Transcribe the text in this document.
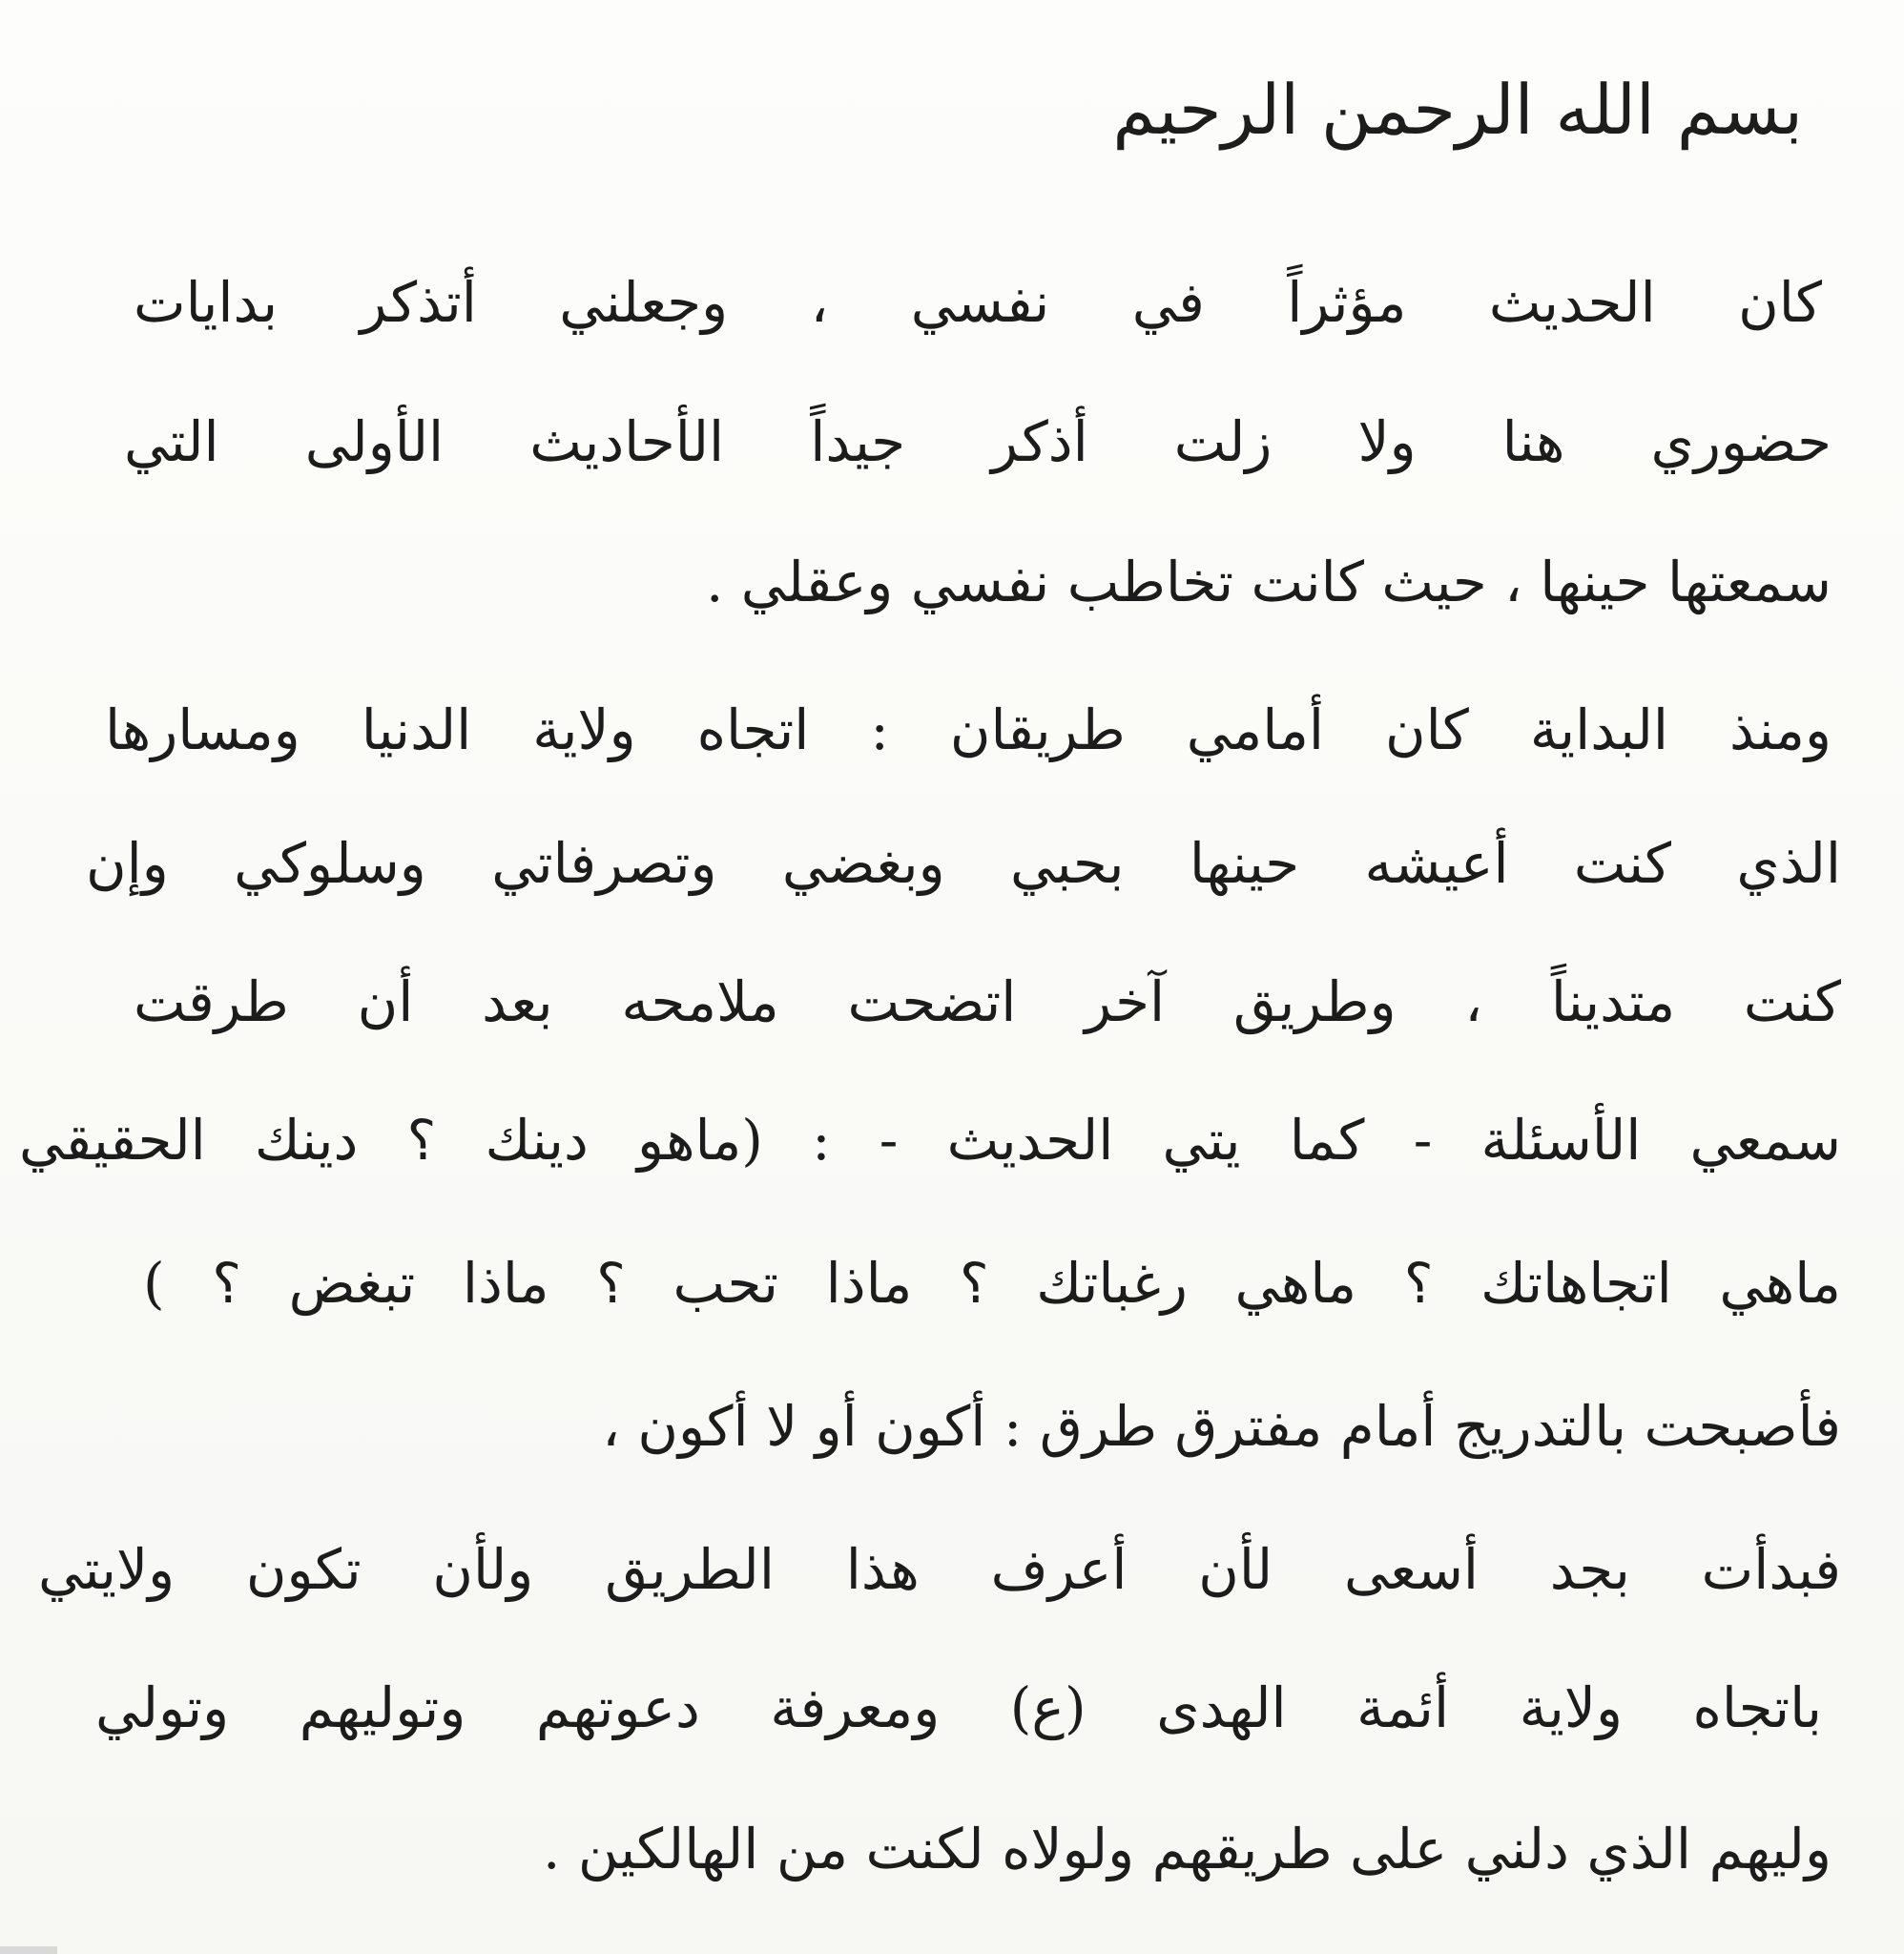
بسم الله الرحمن الرحيم
كان الحديث مؤثراً في نفسي ، وجعلني أتذكر بدايات
حضوري هنا ولا زلت أذكر جيداً الأحاديث الأولى التي
سمعتها حينها ، حيث كانت تخاطب نفسي وعقلي .
ومنذ البداية كان أمامي طريقان : اتجاه ولاية الدنيا ومسارها
الذي كنت أعيشه حينها بحبي وبغضي وتصرفاتي وسلوكي وإن
كنت متديناً ، وطريق آخر اتضحت ملامحه بعد أن طرقت
سمعي الأسئلة - كما يتي الحديث - : (ماهو دينك ؟ دينك الحقيقي
ماهي اتجاهاتك ؟ ماهي رغباتك ؟ ماذا تحب ؟ ماذا تبغض ؟ )
فأصبحت بالتدريج أمام مفترق طرق : أكون أو لا أكون ،
فبدأت بجد أسعى لأن أعرف هذا الطريق ولأن تكون ولايتي
باتجاه ولاية أئمة الهدى (ع) ومعرفة دعوتهم وتوليهم وتولي
وليهم الذي دلني على طريقهم ولولاه لكنت من الهالكين .
